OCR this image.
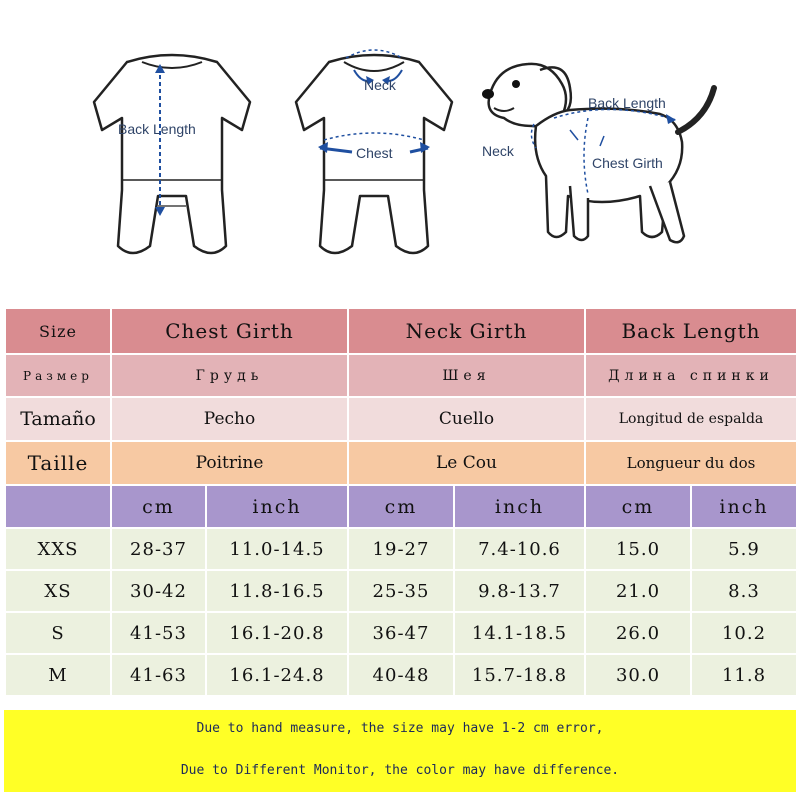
Back Length
Neck
Chest
Back Length
Neck
Chest Girth
Size	Chest Girth		Neck Girth		Back Length	
Размер	Грудь		Шея		Длина спинки	
Tamaño	Pecho		Cuello		Longitud de espalda	
Taille	Poitrine		Le Cou		Longueur du dos	
	cm	inch	cm	inch	cm	inch
XXS	28-37	11.0-14.5	19-27	7.4-10.6	15.0	5.9
XS	30-42	11.8-16.5	25-35	9.8-13.7	21.0	8.3
S	41-53	16.1-20.8	36-47	14.1-18.5	26.0	10.2
M	41-63	16.1-24.8	40-48	15.7-18.8	30.0	11.8
Due to hand measure, the size may have 1-2 cm error,
Due to Different Monitor, the color may have difference.
